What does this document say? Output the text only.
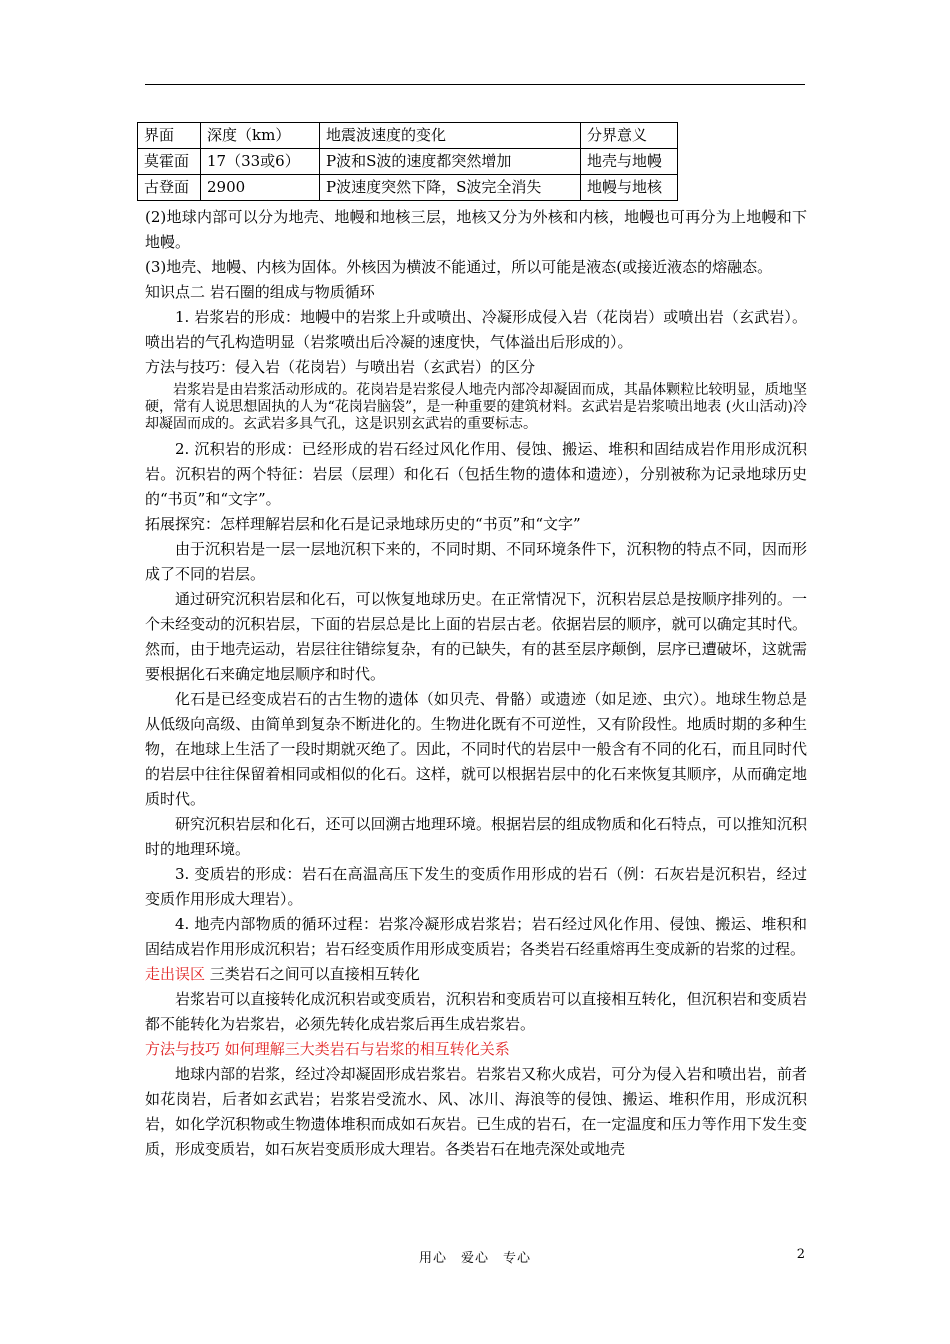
界面	深度（km）	地震波速度的变化	分界意义
莫霍面	17（33或6）	P波和S波的速度都突然增加	地壳与地幔
古登面	2900	P波速度突然下降，S波完全消失	地幔与地核

(2)地球内部可以分为地壳、地幔和地核三层，地核又分为外核和内核，地幔也可再分为上地幔和下地幔。

(3)地壳、地幔、内核为固体。外核因为横波不能通过，所以可能是液态(或接近液态的熔融态。

知识点二 岩石圈的组成与物质循环

1. 岩浆岩的形成：地幔中的岩浆上升或喷出、冷凝形成侵入岩（花岗岩）或喷出岩（玄武岩）。喷出岩的气孔构造明显（岩浆喷出后冷凝的速度快，气体溢出后形成的）。

方法与技巧：侵入岩（花岗岩）与喷出岩（玄武岩）的区分

岩浆岩是由岩浆活动形成的。花岗岩是岩浆侵人地壳内部冷却凝固而成，其晶体颗粒比较明显，质地坚硬，常有人说思想固执的人为“花岗岩脑袋”，是一种重要的建筑材料。玄武岩是岩浆喷出地表 (火山活动)冷却凝固而成的。玄武岩多具气孔，这是识别玄武岩的重要标志。

2. 沉积岩的形成：已经形成的岩石经过风化作用、侵蚀、搬运、堆积和固结成岩作用形成沉积岩。沉积岩的两个特征：岩层（层理）和化石（包括生物的遗体和遗迹），分别被称为记录地球历史的“书页”和“文字”。

拓展探究：怎样理解岩层和化石是记录地球历史的“书页”和“文字”

由于沉积岩是一层一层地沉积下来的，不同时期、不同环境条件下，沉积物的特点不同，因而形成了不同的岩层。

通过研究沉积岩层和化石，可以恢复地球历史。在正常情况下，沉积岩层总是按顺序排列的。一个未经变动的沉积岩层，下面的岩层总是比上面的岩层古老。依据岩层的顺序，就可以确定其时代。然而，由于地壳运动，岩层往往错综复杂，有的已缺失，有的甚至层序颠倒，层序已遭破坏，这就需要根据化石来确定地层顺序和时代。

化石是已经变成岩石的古生物的遗体（如贝壳、骨骼）或遗迹（如足迹、虫穴）。地球生物总是从低级向高级、由简单到复杂不断进化的。生物进化既有不可逆性，又有阶段性。地质时期的多种生物，在地球上生活了一段时期就灭绝了。因此，不同时代的岩层中一般含有不同的化石，而且同时代的岩层中往往保留着相同或相似的化石。这样，就可以根据岩层中的化石来恢复其顺序，从而确定地质时代。

研究沉积岩层和化石，还可以回溯古地理环境。根据岩层的组成物质和化石特点，可以推知沉积时的地理环境。

3. 变质岩的形成：岩石在高温高压下发生的变质作用形成的岩石（例：石灰岩是沉积岩，经过变质作用形成大理岩）。

4. 地壳内部物质的循环过程：岩浆冷凝形成岩浆岩；岩石经过风化作用、侵蚀、搬运、堆积和固结成岩作用形成沉积岩；岩石经变质作用形成变质岩；各类岩石经重熔再生变成新的岩浆的过程。

走出误区 三类岩石之间可以直接相互转化

岩浆岩可以直接转化成沉积岩或变质岩，沉积岩和变质岩可以直接相互转化，但沉积岩和变质岩都不能转化为岩浆岩，必须先转化成岩浆后再生成岩浆岩。

方法与技巧 如何理解三大类岩石与岩浆的相互转化关系

地球内部的岩浆，经过冷却凝固形成岩浆岩。岩浆岩又称火成岩，可分为侵入岩和喷出岩，前者如花岗岩，后者如玄武岩；岩浆岩受流水、风、冰川、海浪等的侵蚀、搬运、堆积作用，形成沉积岩，如化学沉积物或生物遗体堆积而成如石灰岩。已生成的岩石，在一定温度和压力等作用下发生变质，形成变质岩，如石灰岩变质形成大理岩。各类岩石在地壳深处或地壳

用心　爱心　专心	2
